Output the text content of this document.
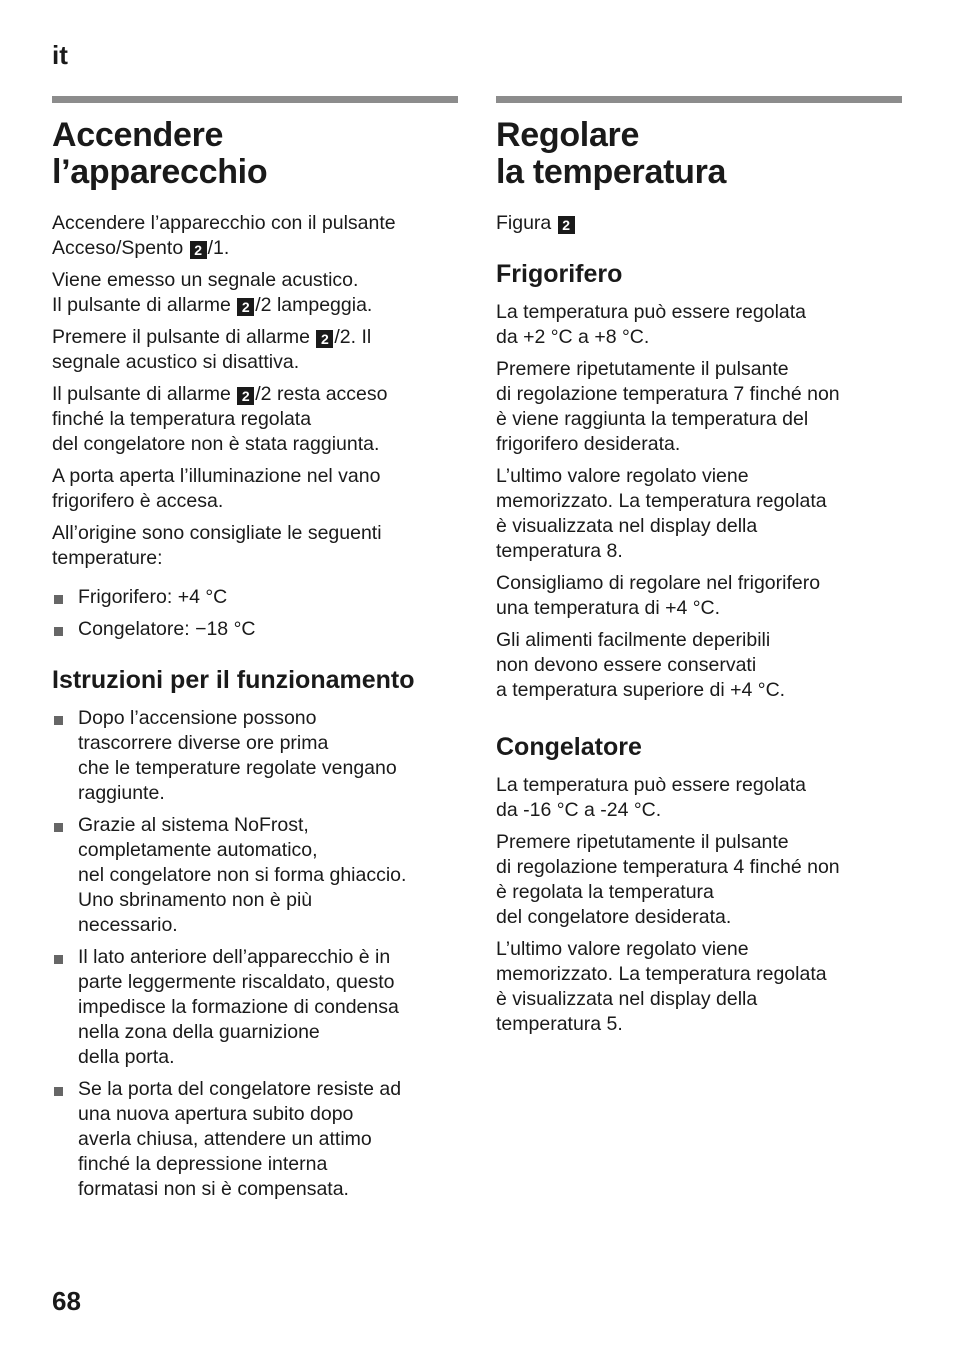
it
Accendere
l’apparecchio

Accendere l’apparecchio con il pulsante
Acceso/Spento 2 /1.

Viene emesso un segnale acustico.
Il pulsante di allarme 2 /2 lampeggia.

Premere il pulsante di allarme 2 /2. Il
segnale acustico si disattiva.

Il pulsante di allarme 2 /2 resta acceso
finché la temperatura regolata
del congelatore non è stata raggiunta.

A porta aperta l’illuminazione nel vano
frigorifero è accesa.

All’origine sono consigliate le seguenti
temperature:

Frigorifero: +4 °C
Congelatore: −18 °C
Istruzioni per il funzionamento
Dopo l’accensione possono
trascorrere diverse ore prima
che le temperature regolate vengano
raggiunte.
Grazie al sistema NoFrost,
completamente automatico,
nel congelatore non si forma ghiaccio.
Uno sbrinamento non è più
necessario.
Il lato anteriore dell’apparecchio è in
parte leggermente riscaldato, questo
impedisce la formazione di condensa
nella zona della guarnizione
della porta.
Se la porta del congelatore resiste ad
una nuova apertura subito dopo
averla chiusa, attendere un attimo
finché la depressione interna
formatasi non si è compensata.
Regolare
la temperatura

Figura 2

Frigorifero

La temperatura può essere regolata
da +2 °C a +8 °C.

Premere ripetutamente il pulsante
di regolazione temperatura 7 finché non
è viene raggiunta la temperatura del
frigorifero desiderata.

L’ultimo valore regolato viene
memorizzato. La temperatura regolata
è visualizzata nel display della
temperatura 8.

Consigliamo di regolare nel frigorifero
una temperatura di +4 °C.

Gli alimenti facilmente deperibili
non devono essere conservati
a temperatura superiore di +4 °C.

Congelatore

La temperatura può essere regolata
da -16 °C a -24 °C.

Premere ripetutamente il pulsante
di regolazione temperatura 4 finché non
è regolata la temperatura
del congelatore desiderata.

L’ultimo valore regolato viene
memorizzato. La temperatura regolata
è visualizzata nel display della
temperatura 5.

68
